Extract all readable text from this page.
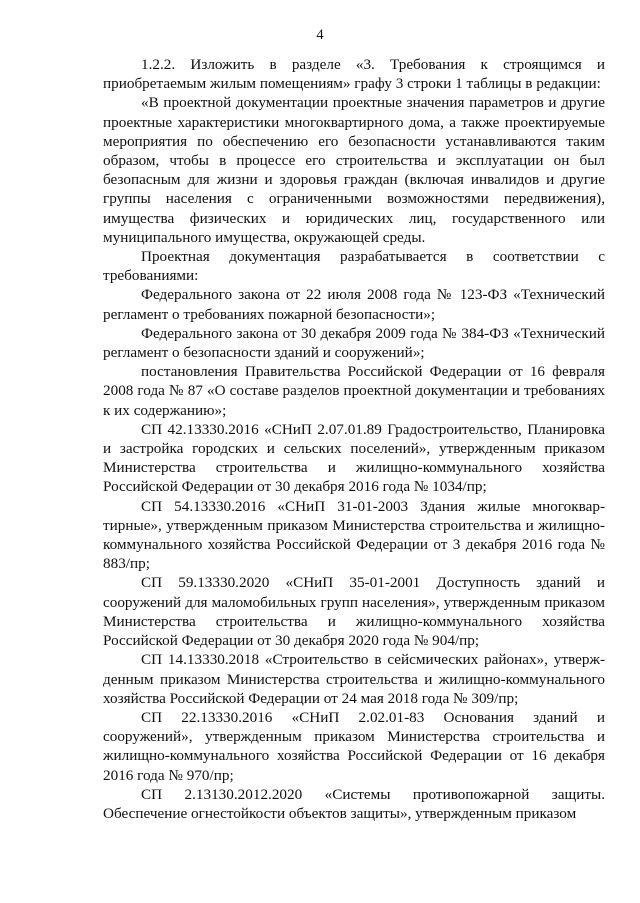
4

1.2.2. Изложить в разделе «3. Требования к строящимся и приобретаемым жилым помещениям» графу 3 строки 1 таблицы в редакции:

«В проектной документации проектные значения параметров и другие проектные характеристики многоквартирного дома, а также проектируемые мероприятия по обеспечению его безопасности устанавливаются таким образом, чтобы в процессе его строительства и эксплуатации он был безопасным для жизни и здоровья граждан (включая инвалидов и другие группы населения с ограниченными возможностями передвижения), имущества физических и юридических лиц, государственного или муниципального имущества, окружающей среды.

Проектная документация разрабатывается в соответствии с требованиями:

Федерального закона от 22 июля 2008 года № 123-ФЗ «Технический регламент о требованиях пожарной безопасности»;

Федерального закона от 30 декабря 2009 года № 384-ФЗ «Технический регламент о безопасности зданий и сооружений»;

постановления Правительства Российской Федерации от 16 февраля 2008 года № 87 «О составе разделов проектной документации и требованиях к их содержанию»;

СП 42.13330.2016 «СНиП 2.07.01.89 Градостроительство, Планировка и застройка городских и сельских поселений», утвержденным приказом Министерства строительства и жилищно-коммунального хозяйства Российской Федерации от 30 декабря 2016 года № 1034/пр;

СП 54.13330.2016 «СНиП 31-01-2003 Здания жилые многоквартирные», утвержденным приказом Министерства строительства и жилищно-коммунального хозяйства Российской Федерации от 3 декабря 2016 года № 883/пр;

СП 59.13330.2020 «СНиП 35-01-2001 Доступность зданий и сооружений для маломобильных групп населения», утвержденным приказом Министерства строительства и жилищно-коммунального хозяйства Российской Федерации от 30 декабря 2020 года № 904/пр;

СП 14.13330.2018 «Строительство в сейсмических районах», утвержденным приказом Министерства строительства и жилищно-коммунального хозяйства Российской Федерации от 24 мая 2018 года № 309/пр;

СП 22.13330.2016 «СНиП 2.02.01-83 Основания зданий и сооружений», утвержденным приказом Министерства строительства и жилищно-коммунального хозяйства Российской Федерации от 16 декабря 2016 года № 970/пр;

СП 2.13130.2012.2020 «Системы противопожарной защиты. Обеспечение огнестойкости объектов защиты», утвержденным приказом
